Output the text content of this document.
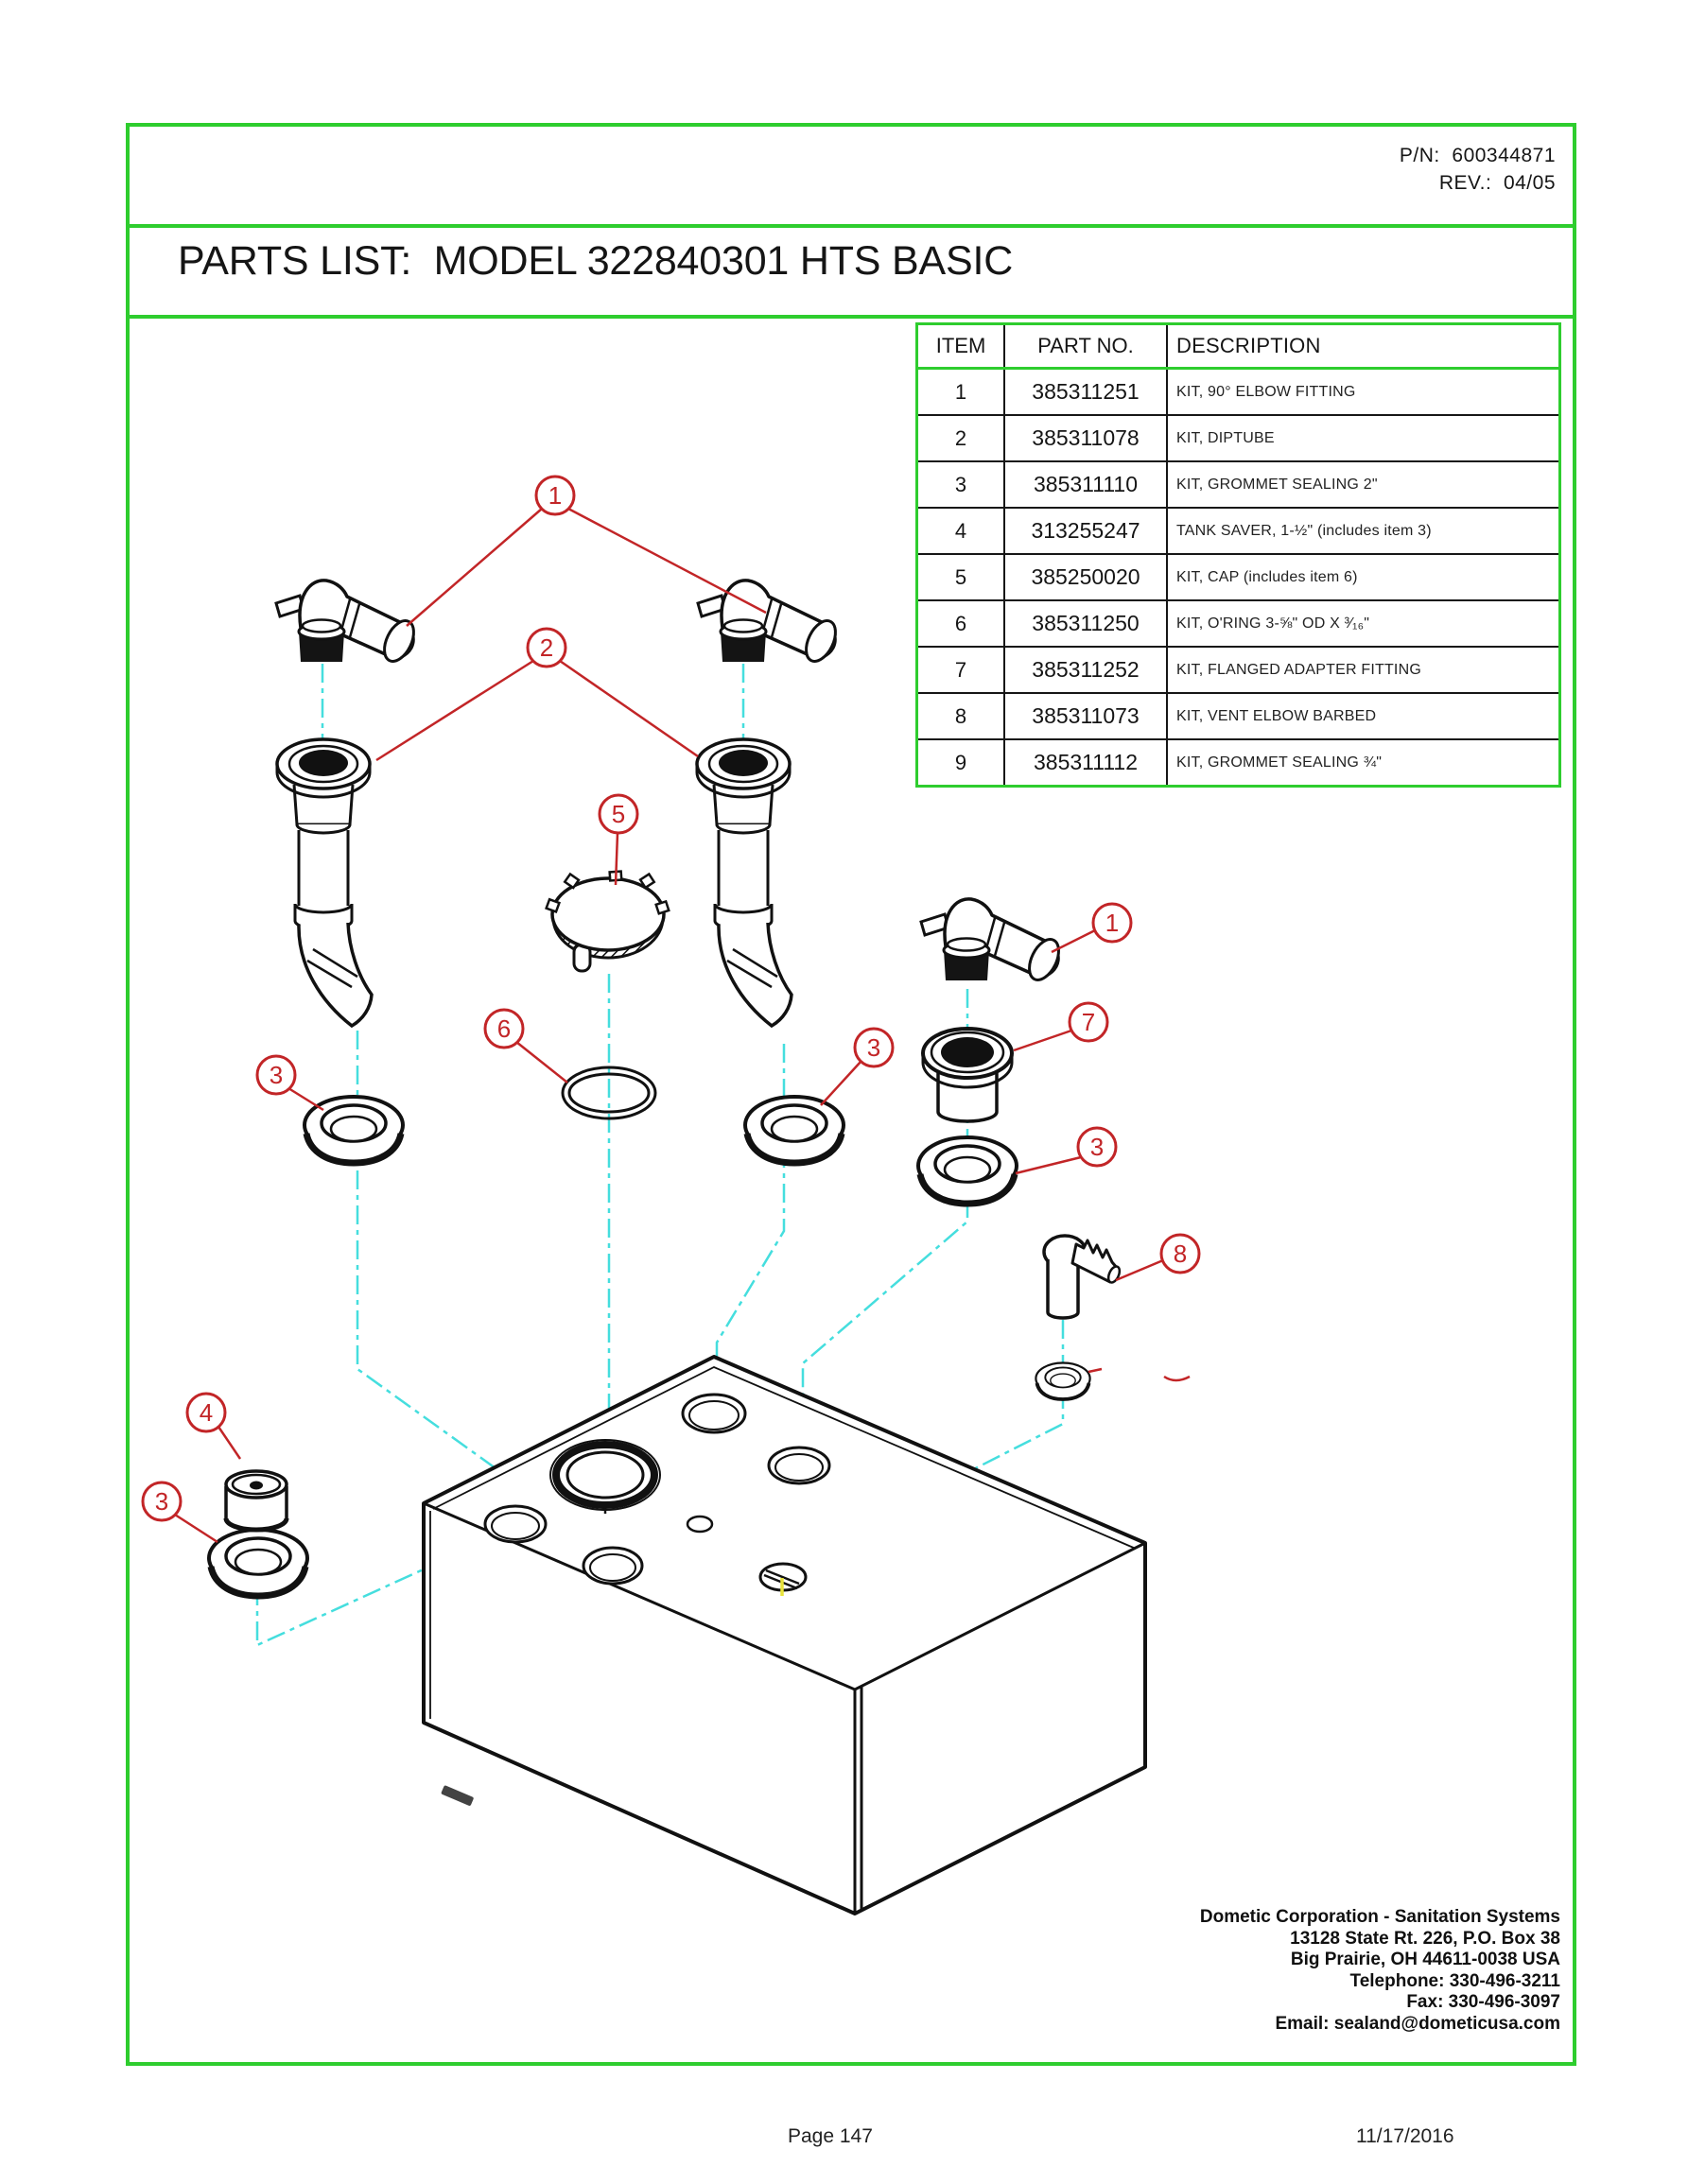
P/N:  600344871
REV.:  04/05
PARTS LIST:  MODEL 322840301 HTS BASIC
ITEM	PART NO.	DESCRIPTION
1	385311251	KIT, 90° ELBOW FITTING
2	385311078	KIT, DIPTUBE
3	385311110	KIT, GROMMET SEALING 2"
4	313255247	TANK SAVER, 1-½" (includes item 3)
5	385250020	KIT, CAP (includes item 6)
6	385311250	KIT, O'RING 3-⅝" OD X ³⁄₁₆"
7	385311252	KIT, FLANGED ADAPTER FITTING
8	385311073	KIT, VENT ELBOW BARBED
9	385311112	KIT, GROMMET SEALING ¾"
1
2
5
6
3
3
7
1
3
8
4
3
Dometic Corporation - Sanitation Systems
13128 State Rt. 226, P.O. Box 38
Big Prairie, OH 44611-0038 USA
Telephone: 330-496-3211
Fax: 330-496-3097
Email: sealand@dometicusa.com
Page 147	11/17/2016
